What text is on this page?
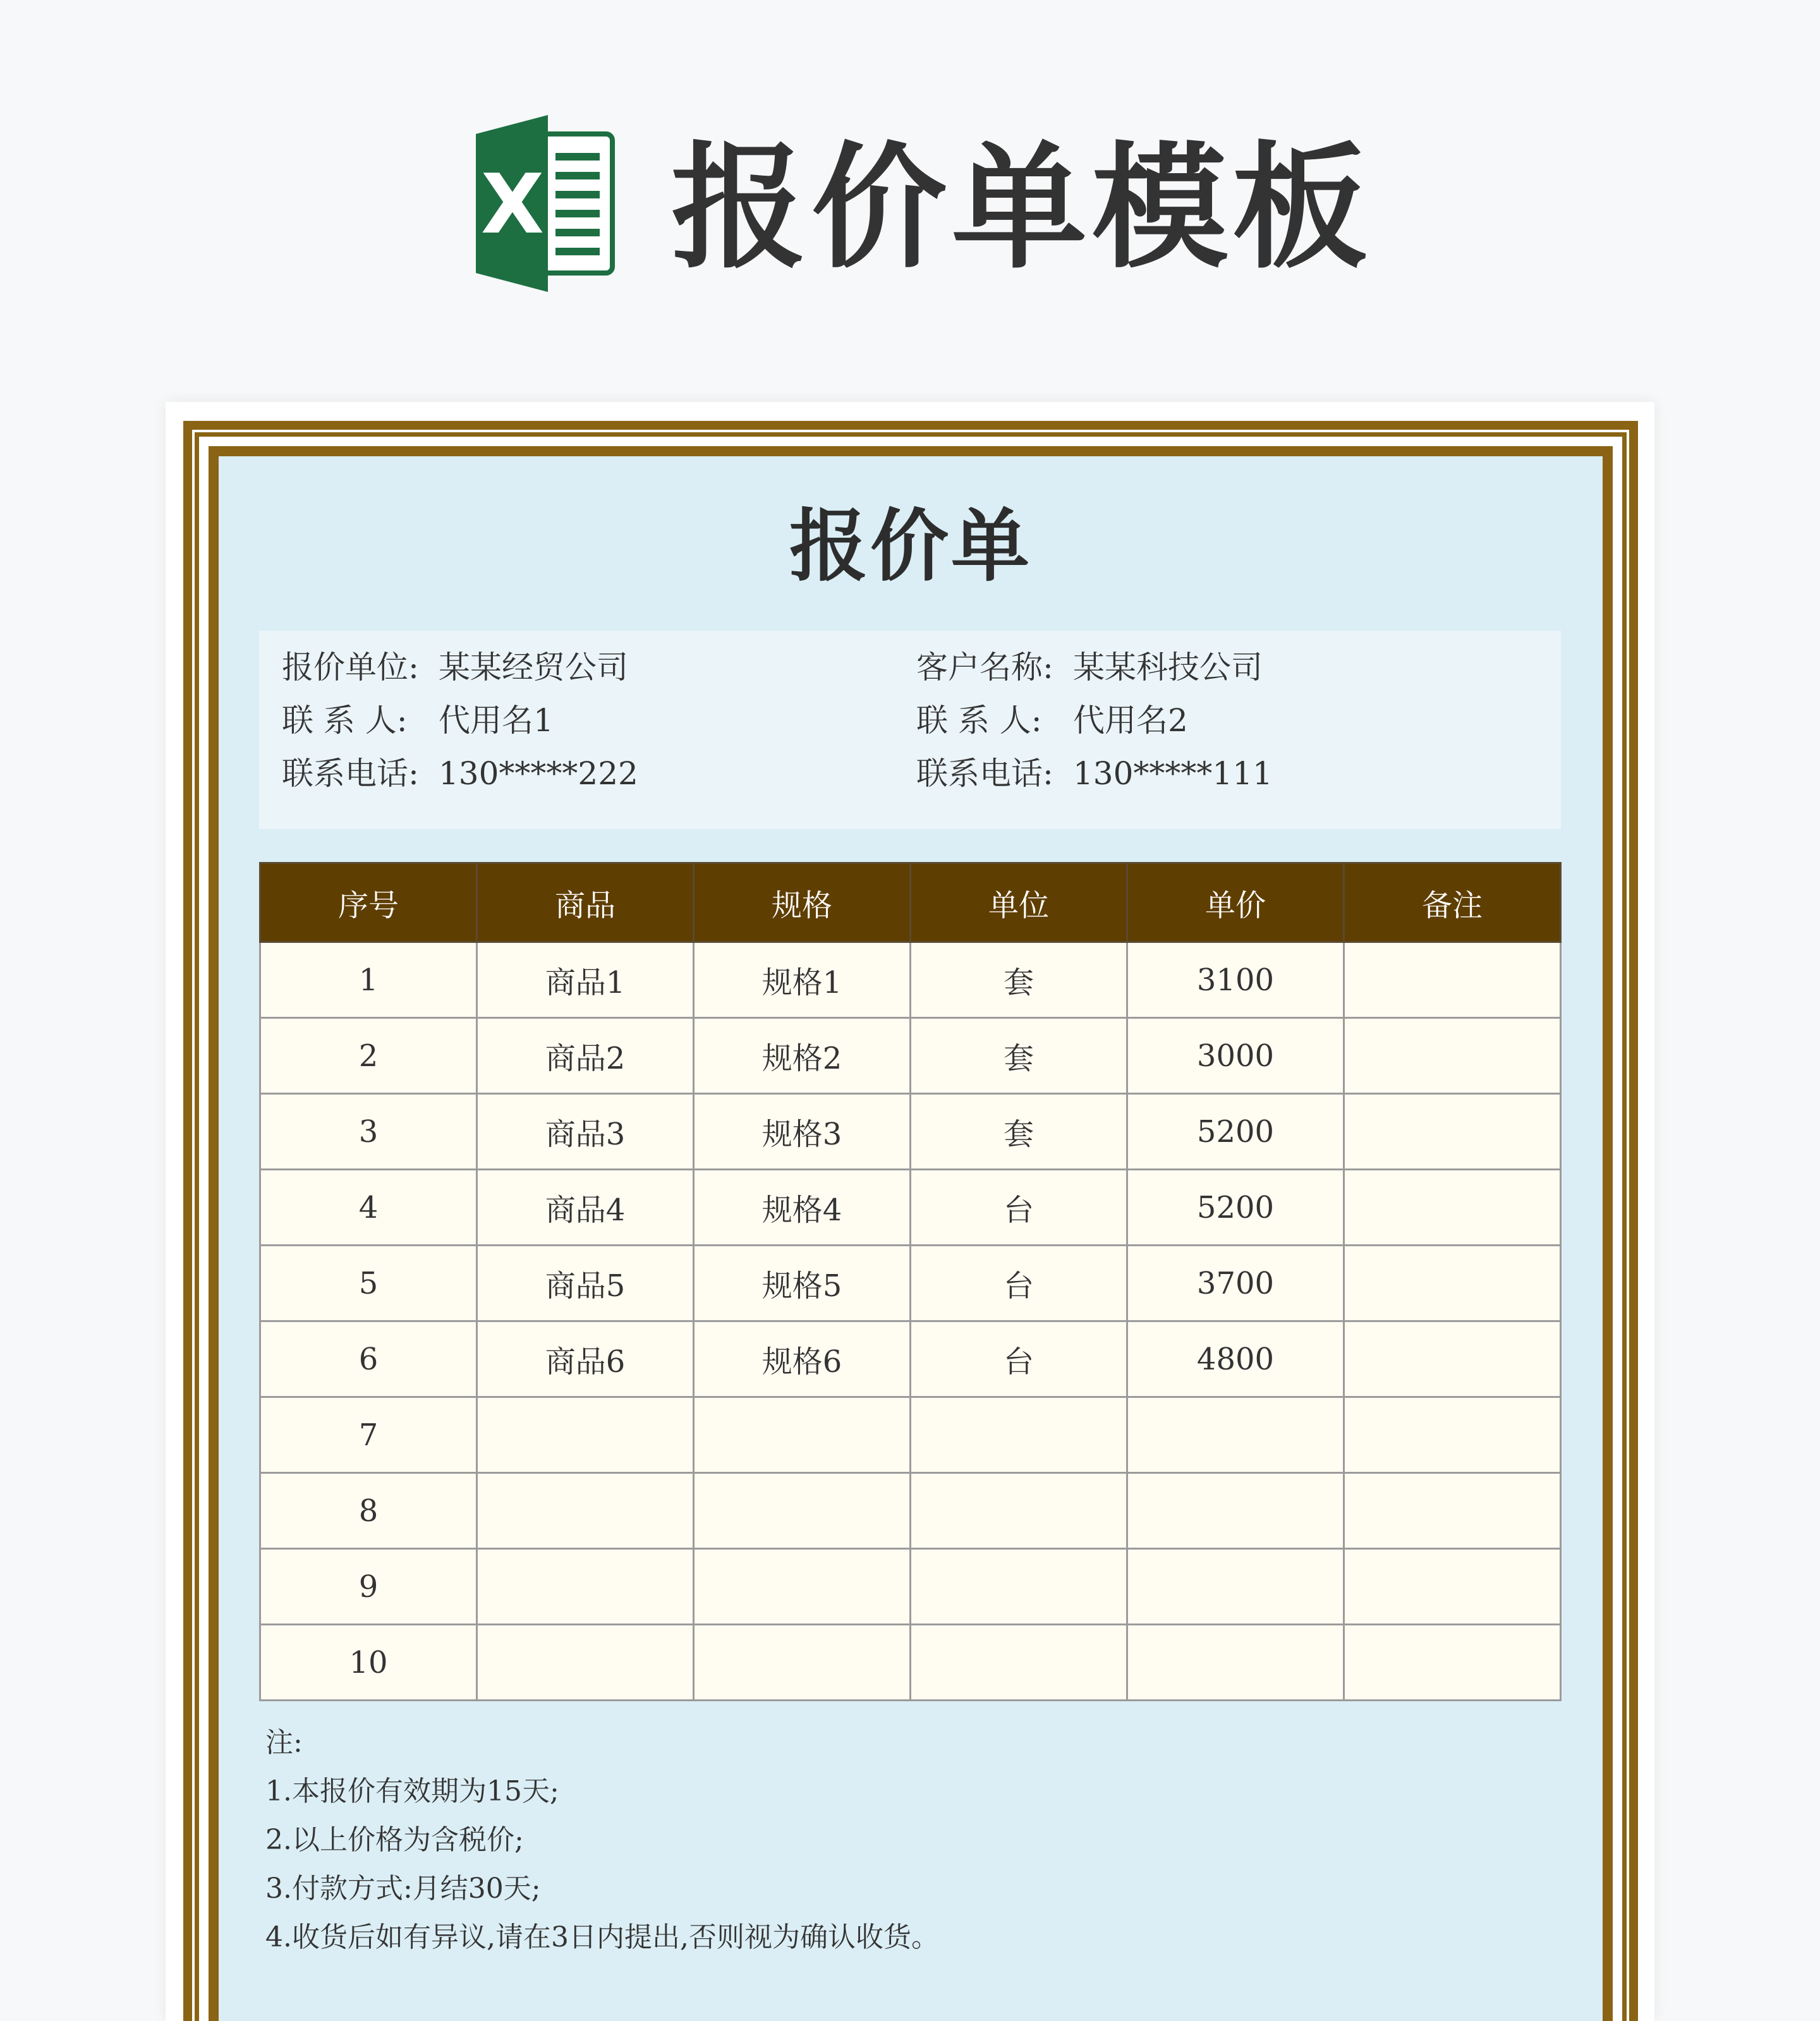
X 报价单模板
报价单
报价单位: 某某经贸公司
联 系 人: 代用名1
联系电话: 130*****222
客户名称: 某某科技公司
联 系 人: 代用名2
联系电话: 130*****111
序号	商品	规格	单位	单价	备注
1	商品1	规格1	套	3100	
2	商品2	规格2	套	3000	
3	商品3	规格3	套	5200	
4	商品4	规格4	台	5200	
5	商品5	规格5	台	3700	
6	商品6	规格6	台	4800	
7					
8					
9					
10					
注:
1.本报价有效期为15天;
2.以上价格为含税价;
3.付款方式:月结30天;
4.收货后如有异议,请在3日内提出,否则视为确认收货。
